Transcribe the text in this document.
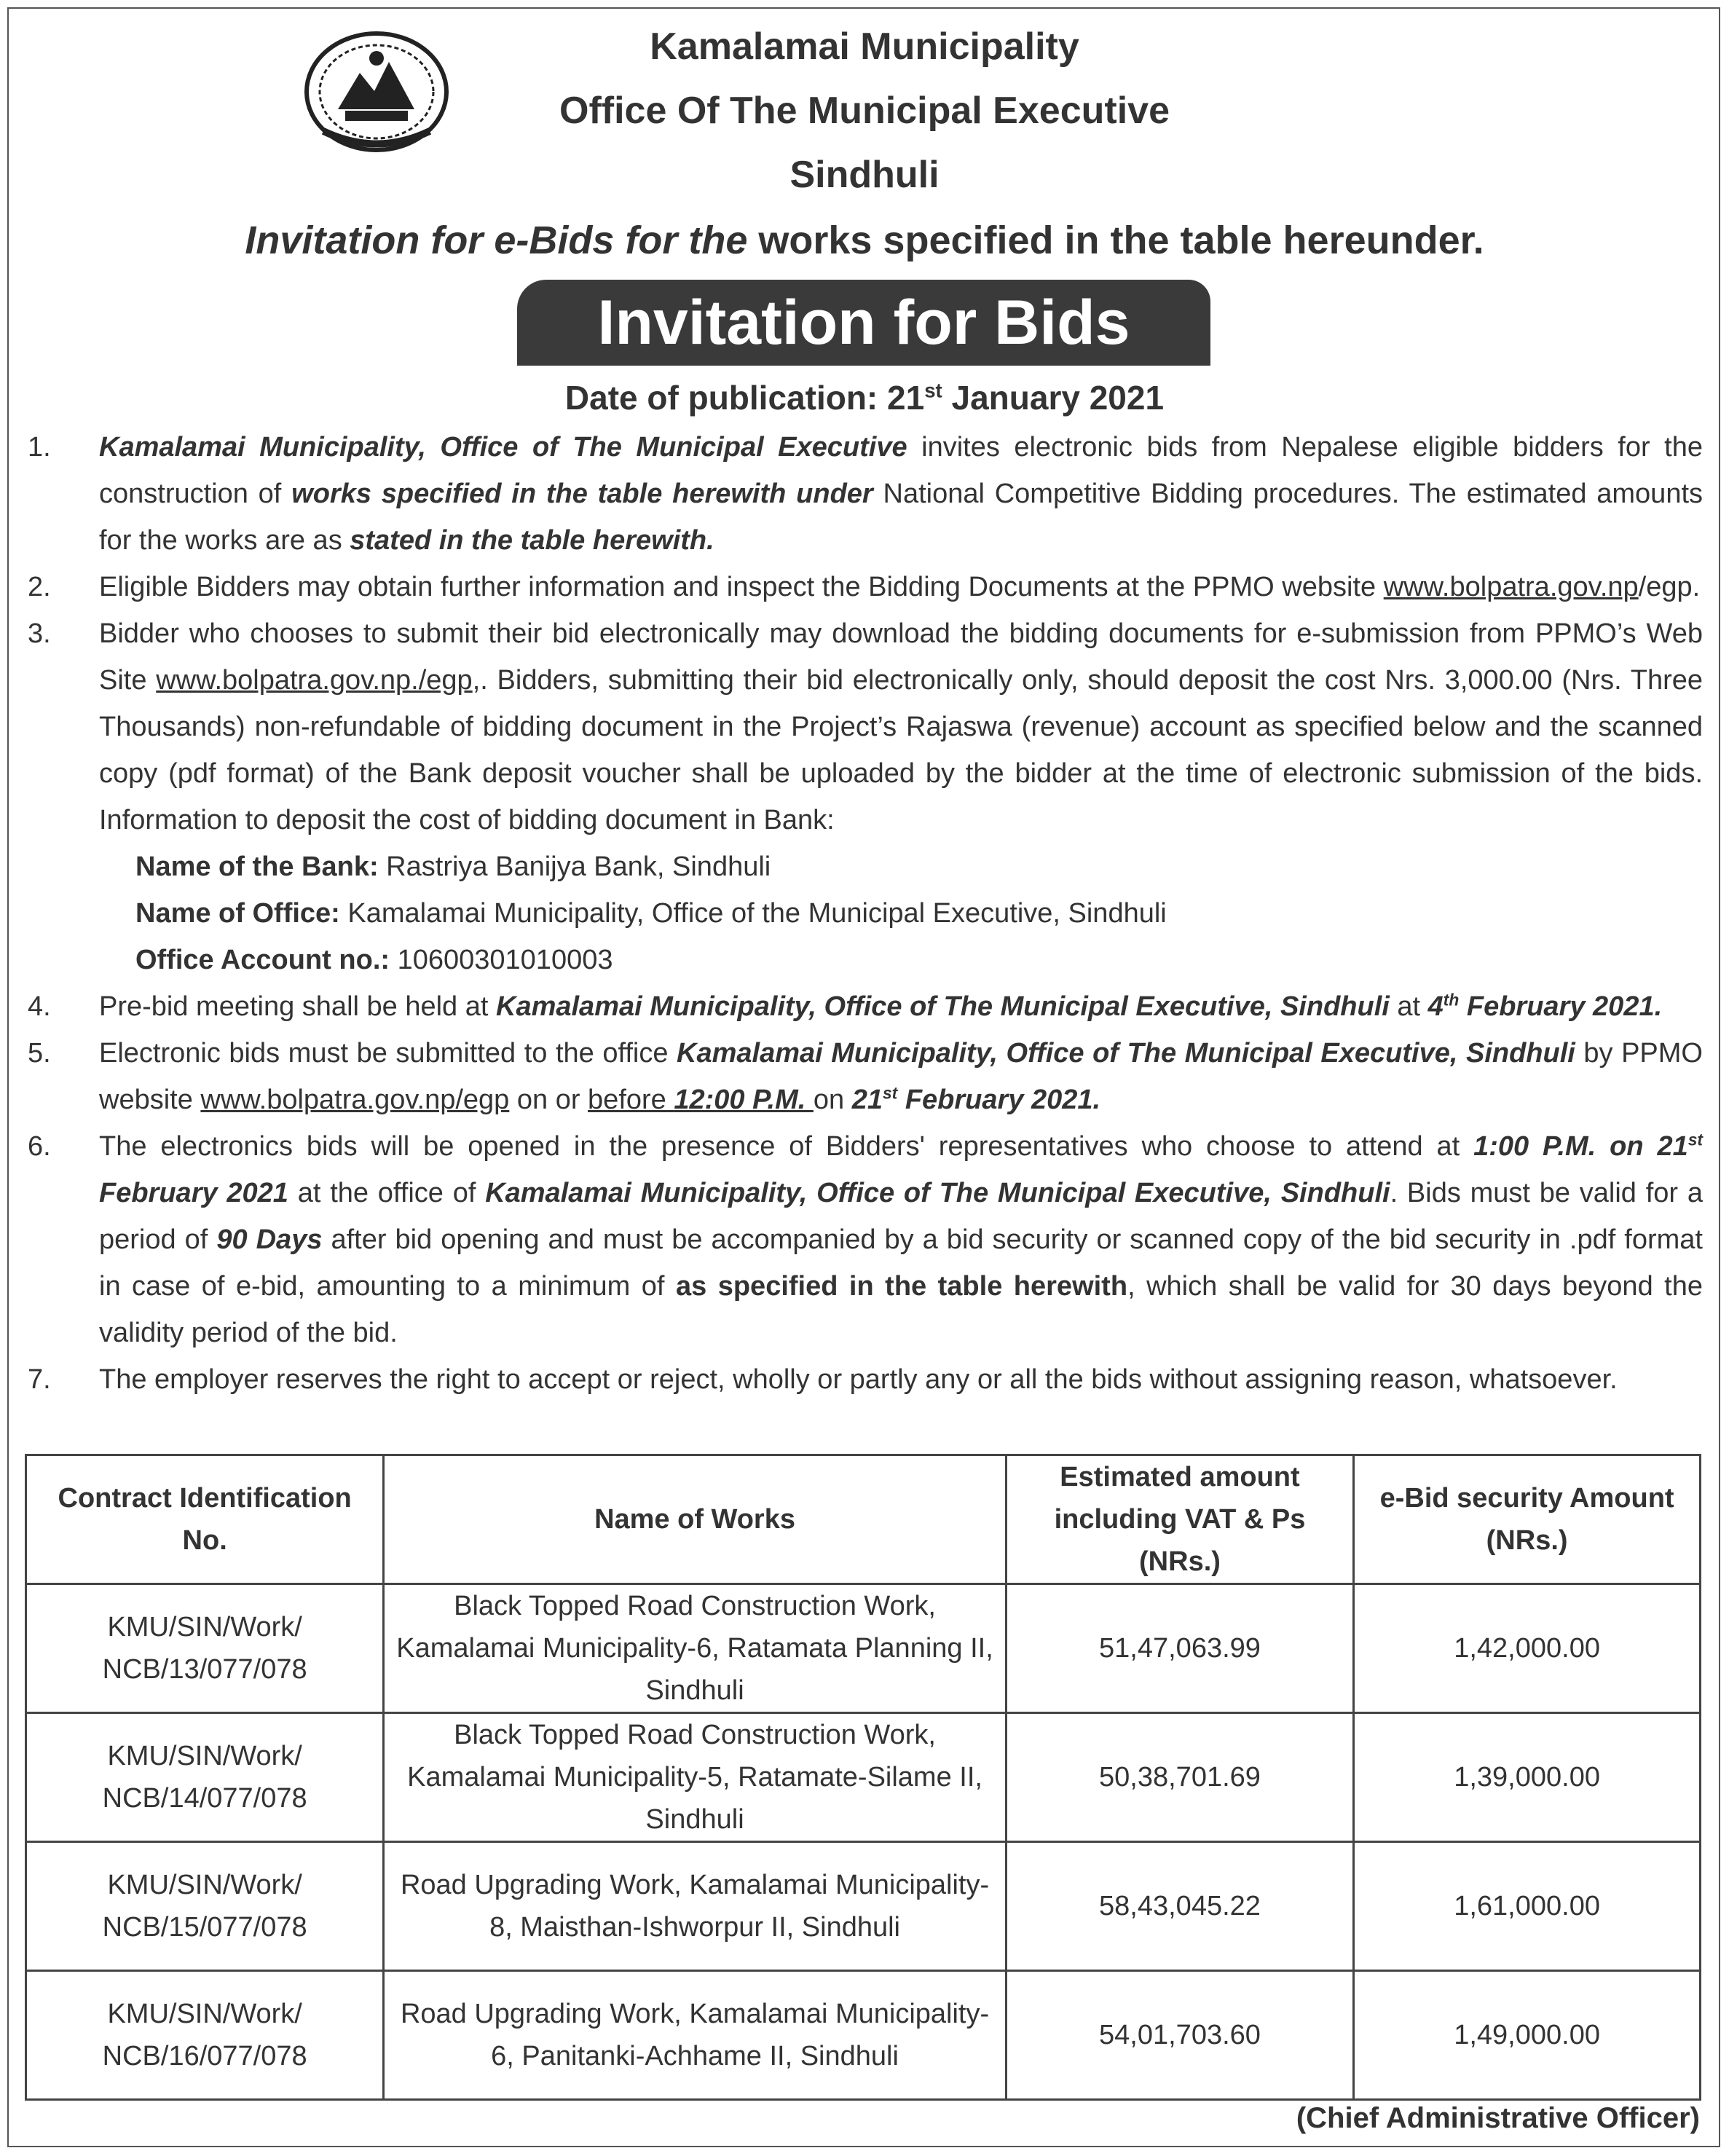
Kamalamai Municipality
Office Of The Municipal Executive
Sindhuli
Invitation for e-Bids for the works specified in the table hereunder.
Invitation for Bids
Date of publication: 21st January 2021
1. Kamalamai Municipality, Office of The Municipal Executive invites electronic bids from Nepalese eligible bidders for the construction of works specified in the table herewith under National Competitive Bidding procedures. The estimated amounts for the works are as stated in the table herewith.
2. Eligible Bidders may obtain further information and inspect the Bidding Documents at the PPMO website www.bolpatra.gov.np/egp.
3. Bidder who chooses to submit their bid electronically may download the bidding documents for e-submission from PPMO’s Web Site www.bolpatra.gov.np./egp,. Bidders, submitting their bid electronically only, should deposit the cost Nrs. 3,000.00 (Nrs. Three Thousands) non-refundable of bidding document in the Project’s Rajaswa (revenue) account as specified below and the scanned copy (pdf format) of the Bank deposit voucher shall be uploaded by the bidder at the time of electronic submission of the bids. Information to deposit the cost of bidding document in Bank:
Name of the Bank: Rastriya Banijya Bank, Sindhuli
Name of Office: Kamalamai Municipality, Office of the Municipal Executive, Sindhuli
Office Account no.: 10600301010003
4. Pre-bid meeting shall be held at Kamalamai Municipality, Office of The Municipal Executive, Sindhuli at 4th February 2021.
5. Electronic bids must be submitted to the office Kamalamai Municipality, Office of The Municipal Executive, Sindhuli by PPMO website www.bolpatra.gov.np/egp on or before 12:00 P.M. on 21st February 2021.
6. The electronics bids will be opened in the presence of Bidders' representatives who choose to attend at 1:00 P.M. on 21st February 2021 at the office of Kamalamai Municipality, Office of The Municipal Executive, Sindhuli. Bids must be valid for a period of 90 Days after bid opening and must be accompanied by a bid security or scanned copy of the bid security in .pdf format in case of e-bid, amounting to a minimum of as specified in the table herewith, which shall be valid for 30 days beyond the validity period of the bid.
7. The employer reserves the right to accept or reject, wholly or partly any or all the bids without assigning reason, whatsoever.
Contract Identification No.	Name of Works	Estimated amount including VAT & Ps (NRs.)	e-Bid security Amount (NRs.)
KMU/SIN/Work/ NCB/13/077/078	Black Topped Road Construction Work, Kamalamai Municipality-6, Ratamata Planning II, Sindhuli	51,47,063.99	1,42,000.00
KMU/SIN/Work/ NCB/14/077/078	Black Topped Road Construction Work, Kamalamai Municipality-5, Ratamate-Silame II, Sindhuli	50,38,701.69	1,39,000.00
KMU/SIN/Work/ NCB/15/077/078	Road Upgrading Work, Kamalamai Municipality-8, Maisthan-Ishworpur II, Sindhuli	58,43,045.22	1,61,000.00
KMU/SIN/Work/ NCB/16/077/078	Road Upgrading Work, Kamalamai Municipality-6, Panitanki-Achhame II, Sindhuli	54,01,703.60	1,49,000.00
(Chief Administrative Officer)
